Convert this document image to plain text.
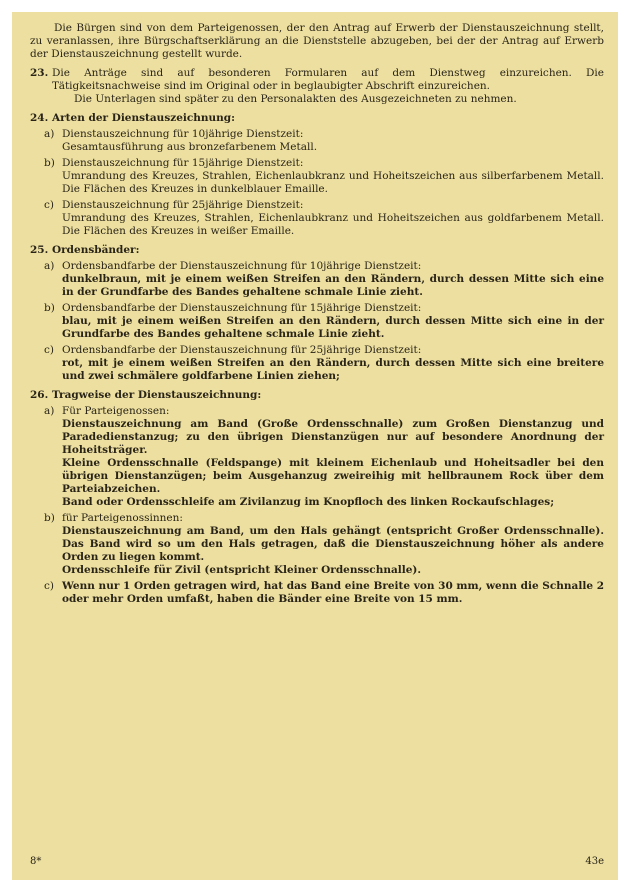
Die Bürgen sind von dem Parteigenossen, der den Antrag auf Erwerb der Dienstauszeichnung stellt, zu veranlassen, ihre Bürgschaftserklärung an die Dienststelle abzugeben, bei der der Antrag auf Erwerb der Dienstauszeichnung gestellt wurde.

23. Die Anträge sind auf besonderen Formularen auf dem Dienstweg einzureichen. Die Tätigkeitsnachweise sind im Original oder in beglaubigter Abschrift einzureichen.

Die Unterlagen sind später zu den Personalakten des Ausgezeichneten zu nehmen.

24. Arten der Dienstauszeichnung:
a) Dienstauszeichnung für 10jährige Dienstzeit:

Gesamtausführung aus bronzefarbenem Metall.

b) Dienstauszeichnung für 15jährige Dienstzeit:

Umrandung des Kreuzes, Strahlen, Eichenlaubkranz und Hoheitszeichen aus silberfarbenem Metall. Die Flächen des Kreuzes in dunkelblauer Emaille.

c) Dienstauszeichnung für 25jährige Dienstzeit:

Umrandung des Kreuzes, Strahlen, Eichenlaubkranz und Hoheitszeichen aus goldfarbenem Metall. Die Flächen des Kreuzes in weißer Emaille.

25. Ordensbänder:
a) Ordensbandfarbe der Dienstauszeichnung für 10jährige Dienstzeit:

dunkelbraun, mit je einem weißen Streifen an den Rändern, durch dessen Mitte sich eine in der Grundfarbe des Bandes gehaltene schmale Linie zieht.

b) Ordensbandfarbe der Dienstauszeichnung für 15jährige Dienstzeit:

blau, mit je einem weißen Streifen an den Rändern, durch dessen Mitte sich eine in der Grundfarbe des Bandes gehaltene schmale Linie zieht.

c) Ordensbandfarbe der Dienstauszeichnung für 25jährige Dienstzeit:

rot, mit je einem weißen Streifen an den Rändern, durch dessen Mitte sich eine breitere und zwei schmälere goldfarbene Linien ziehen;

26. Tragweise der Dienstauszeichnung:
a) Für Parteigenossen:

Dienstauszeichnung am Band (Große Ordensschnalle) zum Großen Dienstanzug und Paradedienstanzug; zu den übrigen Dienstanzügen nur auf besondere Anordnung der Hoheitsträger.

Kleine Ordensschnalle (Feldspange) mit kleinem Eichenlaub und Hoheitsadler bei den übrigen Dienstanzügen; beim Ausgehanzug zweireihig mit hellbraunem Rock über dem Parteiabzeichen.

Band oder Ordensschleife am Zivilanzug im Knopfloch des linken Rockaufschlages;

b) für Parteigenossinnen:

Dienstauszeichnung am Band, um den Hals gehängt (entspricht Großer Ordensschnalle). Das Band wird so um den Hals getragen, daß die Dienstauszeichnung höher als andere Orden zu liegen kommt.

Ordensschleife für Zivil (entspricht Kleiner Ordensschnalle).

c) Wenn nur 1 Orden getragen wird, hat das Band eine Breite von 30 mm, wenn die Schnalle 2 oder mehr Orden umfaßt, haben die Bänder eine Breite von 15 mm.

8*	43e
